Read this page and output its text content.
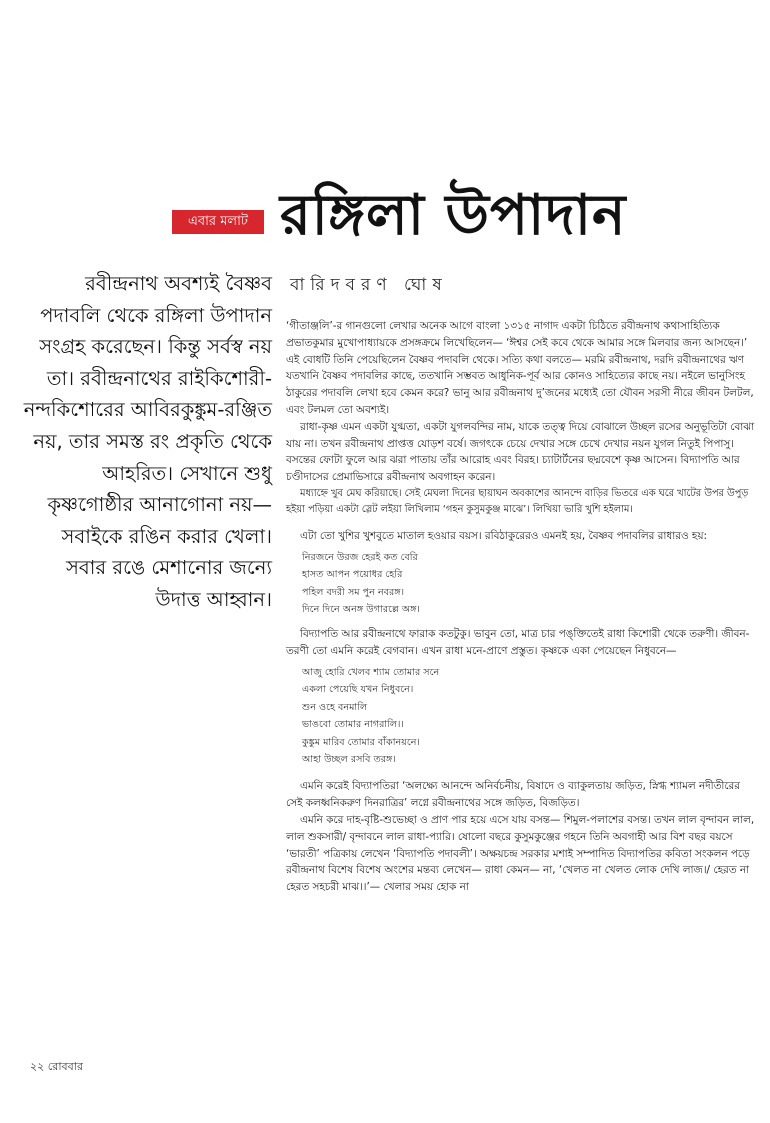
এবার মলাট রঙ্গিলা উপাদান

বারিদবরণ ঘোষ

রবীন্দ্রনাথ অবশ্যই বৈষ্ণব পদাবলি থেকে রঙ্গিলা উপাদান সংগ্রহ করেছেন। কিন্তু সর্বস্ব নয় তা। রবীন্দ্রনাথের রাইকিশোরী-নন্দকিশোরের আবিরকুঙ্কুম-রঞ্জিত নয়, তার সমস্ত রং প্রকৃতি থেকে আহরিত। সেখানে শুধু কৃষ্ণগোষ্ঠীর আনাগোনা নয়— সবাইকে রঙিন করার খেলা। সবার রঙে মেশানোর জন্যে উদাত্ত আহ্বান।

‘গীতাঞ্জলি’-র গানগুলো লেখার অনেক আগে বাংলা ১৩১৫ নাগাদ একটা চিঠিতে রবীন্দ্রনাথ কথাসাহিত্যিক প্রভাতকুমার মুখোপাধ্যায়কে প্রসঙ্গক্রমে লিখেছিলেন— ‘ঈশ্বর সেই কবে থেকে আমার সঙ্গে মিলবার জন্য আসছেন।’ এই বোধটি তিনি পেয়েছিলেন বৈষ্ণব পদাবলি থেকে। সত্যি কথা বলতে— মরমি রবীন্দ্রনাথ, দরদি রবীন্দ্রনাথের ঋণ যতখানি বৈষ্ণব পদাবলির কাছে, ততখানি সম্ভবত আধুনিক-পূর্ব আর কোনও সাহিত্যের কাছে নয়। নইলে ভানুসিংহ ঠাকুরের পদাবলি লেখা হবে কেমন করে? ভানু আর রবীন্দ্রনাথ দু’জনের মধ্যেই তো যৌবন সরসী নীরে জীবন টলটল, এবং টলমল তো অবশ্যই।

রাধা-কৃষ্ণ এমন একটা যুগ্মতা, একটা যুগলবন্দির নাম, যাকে তত্ত্ব দিয়ে বোঝালে উচ্ছল রসের অনুভূতিটা বোঝা যায় না। তখন রবীন্দ্রনাথ প্রাপ্তত্ত যোড়শ বর্ষে। জগৎকে চেয়ে দেখার সঙ্গে চেখে দেখার নয়ন যুগল নিতুই পিপাসু। বসন্তের ফোটা ফুলে আর ঝরা পাতায় তাঁর আরোহ এবং বিরহ। চ্যাটার্টনের ছদ্মবেশে কৃষ্ণ আসেন। বিদ্যাপতি আর চণ্ডীদাসের প্রেমাভিসারে রবীন্দ্রনাথ অবগাহন করেন।

মধ্যাহ্নে খুব মেঘ করিয়াছে। সেই মেঘলা দিনের ছায়াঘন অবকাশের আনন্দে বাড়ির ভিতরে এক ঘরে খাটের উপর উপুড় হইয়া পড়িয়া একটা স্লেট লইয়া লিখিলাম ‘গহন কুসুমকুঞ্জ মাঝে’। লিখিয়া ভারি খুশি হইলাম।

এটা তো খুশির খুশবুতে মাতাল হওয়ার বয়স। রবিঠাকুরেরও এমনই হয়, বৈষ্ণব পদাবলির রাধারও হয়:

নিরজনে উরজ হেরই কত বেরি
হাসত আপন পয়োধর হেরি
পহিল বদরী সম পুন নবরঙ্গ।
দিনে দিনে অনঙ্গ উগারল্লে অঙ্গ।

বিদ্যাপতি আর রবীন্দ্রনাথে ফারাক কতটুকু। ভাবুন তো, মাত্র চার পঙ্‌ক্তিতেই রাধা কিশোরী থেকে তরুণী। জীবন-তরণী তো এমনি করেই বেগবান। এখন রাধা মনে-প্রাণে প্রস্তুত। কৃষ্ণকে একা পেয়েছেন নিধুবনে—

আজু হোরি খেলব শ্যাম তোমার সনে
একলা পেয়েছি যখন নিধুবনে।
শুন ওহে বনমালি
ভাঙবো তোমার নাগরালি।।
কুঙ্কুম মারিব তোমার বাঁকানয়নে।
আহা উচ্ছল রসবি তরঙ্গ।

এমনি করেই বিদ্যাপতিরা ‘অলক্ষ্যে আনন্দে অনির্বচনীয়, বিষাদে ও ব্যাকুলতায় জড়িত, স্নিগ্ধ শ্যামল নদীতীরের সেই কলধ্বনিকরুণ দিনরাত্রির’ লগ্নে রবীন্দ্রনাথের সঙ্গে জড়িত, বিজড়িত।

এমনি করে দাহ-বৃষ্টি-শুভেচ্ছা ও প্রাণ পার হয়ে এসে যায় বসন্ত— শিমুল-পলাশের বসন্ত। তখন লাল বৃন্দাবন লাল, লাল শুকসারী/ বৃন্দাবনে লাল রাধা-প্যারি। ষোলো বছরে কুসুমকুঞ্জের গহনে তিনি অবগাহী আর বিশ বছর বয়সে ‘ভারতী’ পত্রিকায় লেখেন ‘বিদ্যাপতি পদাবলী’। অক্ষয়চন্দ্র সরকার মশাই সম্পাদিত বিদ্যাপতির কবিতা সংকলন পড়ে রবীন্দ্রনাথ বিশেষ বিশেষ অংশের মন্তব্য লেখেন— রাধা কেমন— না, ‘খেলত না খেলত লোক দেখি লাজ।/ হেরত না হেরত সহচরী মাঝ।।’— খেলার সময় হোক না

২২ রোববার
